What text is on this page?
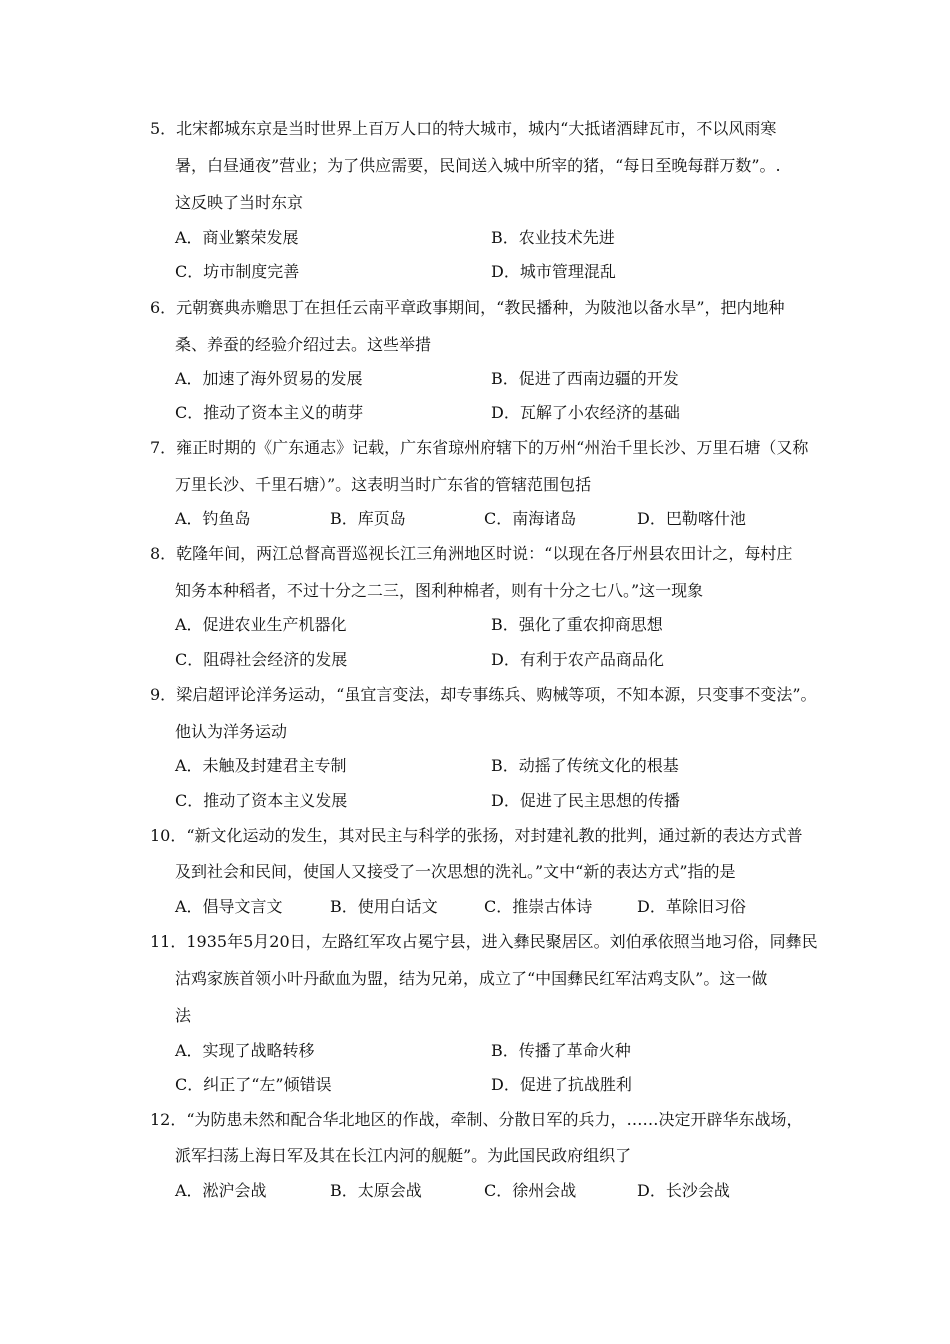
5．北宋都城东京是当时世界上百万人口的特大城市，城内“大抵诸酒肆瓦市，不以风雨寒
暑，白昼通夜”营业；为了供应需要，民间送入城中所宰的猪，“每日至晚每群万数”。.
这反映了当时东京
A．商业繁荣发展	B．农业技术先进
C．坊市制度完善	D．城市管理混乱
6．元朝赛典赤赡思丁在担任云南平章政事期间，“教民播种，为陂池以备水旱”，把内地种
桑、养蚕的经验介绍过去。这些举措
A．加速了海外贸易的发展	B．促进了西南边疆的开发
C．推动了资本主义的萌芽	D．瓦解了小农经济的基础
7．雍正时期的《广东通志》记载，广东省琼州府辖下的万州“州治千里长沙、万里石塘（又称
万里长沙、千里石塘）”。这表明当时广东省的管辖范围包括
A．钓鱼岛	B．库页岛	C．南海诸岛	D．巴勒喀什池
8．乾隆年间，两江总督高晋巡视长江三角洲地区时说：“以现在各厅州县农田计之，每村庄
知务本种稻者，不过十分之二三，图利种棉者，则有十分之七八。”这一现象
A．促进农业生产机器化	B．强化了重农抑商思想
C．阻碍社会经济的发展	D．有利于农产品商品化
9．梁启超评论洋务运动，“虽宜言变法，却专事练兵、购械等项，不知本源，只变事不变法”。
他认为洋务运动
A．未触及封建君主专制	B．动摇了传统文化的根基
C．推动了资本主义发展	D．促进了民主思想的传播
10．“新文化运动的发生，其对民主与科学的张扬，对封建礼教的批判，通过新的表达方式普
及到社会和民间，使国人又接受了一次思想的洗礼。”文中“新的表达方式”指的是
A．倡导文言文	B．使用白话文	C．推崇古体诗	D．革除旧习俗
11．1935年5月20日，左路红军攻占冕宁县，进入彝民聚居区。刘伯承依照当地习俗，同彝民
沽鸡家族首领小叶丹歃血为盟，结为兄弟，成立了“中国彝民红军沽鸡支队”。这一做
法
A．实现了战略转移	B．传播了革命火种
C．纠正了“左”倾错误	D．促进了抗战胜利
12．“为防患未然和配合华北地区的作战，牵制、分散日军的兵力，……决定开辟华东战场，
派军扫荡上海日军及其在长江内河的舰艇”。为此国民政府组织了
A．淞沪会战	B．太原会战	C．徐州会战	D．长沙会战
